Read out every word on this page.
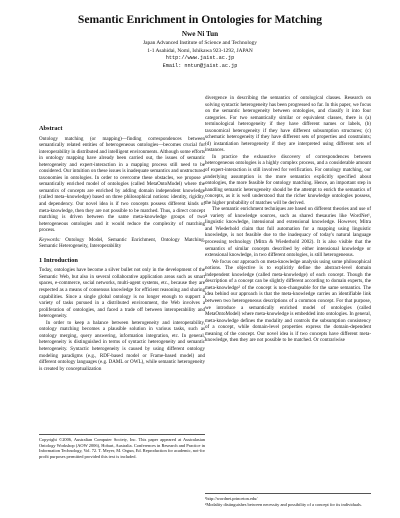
Semantic Enrichment in Ontologies for Matching
Nwe Ni Tun
Japan Advanced Institute of Science and Technology
1-1 Asahidai, Nomi, Ishikawa 923-1292, JAPAN
http://www.jaist.ac.jp
Email: nntun@jaist.ac.jp
Abstract

Ontology matching (or mapping)—finding correspondences between semantically related entities of heterogeneous ontologies—becomes crucial for interoperability in distributed and intelligent environments. Although some efforts in ontology mapping have already been carried out, the issues of semantic heterogeneity and expert-interaction in a mapping process still need to be considered. Our intuition on these issues is inadequate semantics and unstructured taxonomies in ontologies. In order to overcome these obstacles, we propose a semantically enriched model of ontologies (called MetaOntoModel) where the semantics of concepts are enriched by adding domain independent knowledge (called meta–knowledge) based on three philosophical notions: identity, rigidity, and dependency. Our novel idea is if two concepts possess different kinds of meta-knowledge, then they are not possible to be matched. Thus, a direct concept matching is driven between the same meta-knowledge groups of two heterogeneous ontologies and it would reduce the complexity of matching process.

Keywords: Ontology Model, Semantic Enrichment, Ontology Matching, Semantic Heterogeneity, Interoperability

1 Introduction

Today, ontologies have become a silver bullet not only in the development of the Semantic Web, but also in several collaborative application areas such as smart spaces, e-commerce, social networks, multi-agent systems, etc., because they are respected as a means of consensus knowledge for efficient reasoning and sharing capabilities. Since a single global ontology is no longer enough to support a variety of tasks pursued in a distributed environment, the Web involves a proliferation of ontologies, and faced a trade off between interoperability and heterogeneity.

In order to keep a balance between heterogeneity and interoperability, ontology matching becomes a plausible solution in various tasks, such as ontology merging, query answering, information integration, etc. In general, heterogeneity is distinguished in terms of syntactic heterogeneity and semantic heterogeneity. Syntactic heterogeneity is caused by using different ontology modeling paradigms (e.g., RDF-based model or Frame-based model) and different ontology languages (e.g. DAML or OWL), while semantic heterogeneity is created by conceptualization

Copyright ©2006, Australian Computer Society, Inc. This paper appeared at Australasian Ontology Workshop (AOW 2006), Hobart, Australia. Conferences in Research and Practice in Information Technology, Vol. 72. T. Meyer, M. Orgun, Ed. Reproduction for academic, not-for profit purposes permitted provided this text is included.

divergence in describing the semantics of ontological classes. Research on solving syntactic heterogeneity has been progressed so far. In this paper, we focus on the semantic heterogeneity between ontologies, and classify it into four categories. For two semantically similar or equivalent classes, there is (a) terminological heterogeneity if they have different names or labels, (b) taxonomical heterogeneity if they have different subsumption structures; (c) schematic heterogeneity if they have different sets of properties and constraints; (d) instantiation heterogeneity if they are interpreted using different sets of instances.

In practice the exhaustive discovery of correspondences between heterogeneous ontologies is a highly complex process, and a considerable amount of expert-interaction is still involved for verification. For ontology matching, our underlying assumption is the more semantics explicitly specified about ontologies, the more feasible for ontology matching. Hence, an important step in handling semantic heterogeneity should be the attempt to enrich the semantics of concepts, as it is well understood that the richer knowledge ontologies possess, the higher probability of matches will be derived.

The semantic enrichment techniques are based on different theories and use of a variety of knowledge sources, such as shared thesauries like WordNet¹, linguistic knowledge, intensional and extensional knowledge. However, Mitra and Wiederhold claim that full automation for a mapping using linguistic knowledge, is not feasible due to the inadequacy of today's natural language processing technology (Mitra & Wiederhold 2002). It is also visible that the semantics of similar concepts described by either intensional knowledge or extensional knowledge, in two different ontologies, is still heterogeneous.

We focus our approach on meta-knowledge analysis using some philosophical notions. The objective is to explicitly define the abstract-level domain independent knowledge (called meta-knowledge) of each concept. Though the description of a concept can be slightly different according to domain experts, the meta-knowledge² of the concept is non-changeable for the same semantics. The idea behind our approach is that the meta-knowledge carries an identifiable link between two heterogeneous descriptions of a common concept. For that purpose, we introduce a semantically enriched model of ontologies (called MetaOntoModel) where meta-knowledge is embedded into ontologies. In general, meta-knowledge defines the modality and controls the subsumption consistency of a concept, while domain-level properties express the domain-dependent meaning of the concept. Our novel idea is if two concepts have different meta-knowledge, then they are not possible to be matched. Or contrariwise

¹http://wordnet.princeton.edu/
²Modality distinguishes between necessity and possibility of a concept for its individuals.
